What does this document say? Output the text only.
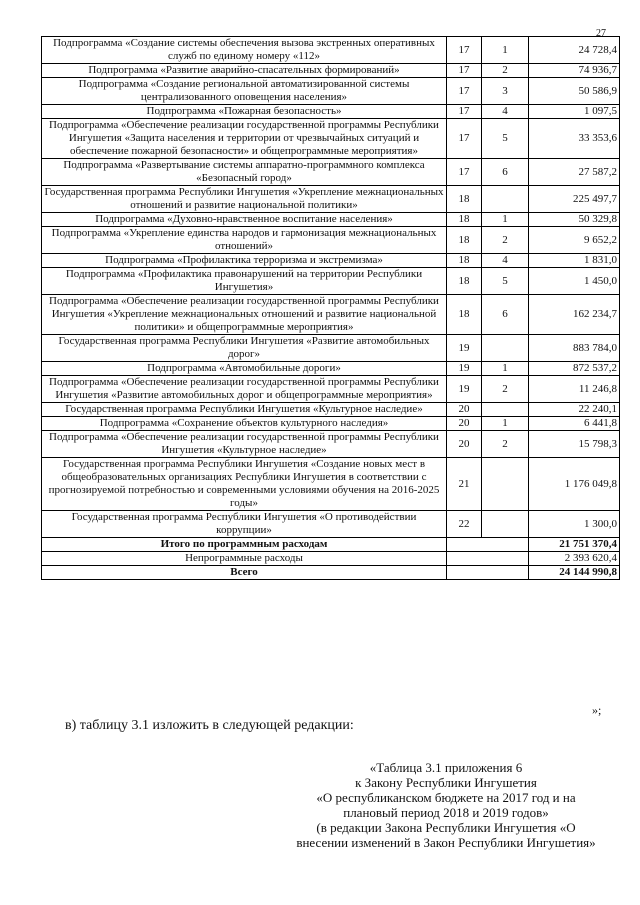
27
Подпрограмма «Создание системы обеспечения вызова экстренных оперативных служб по единому номеру «112»	17	1	24 728,4
Подпрограмма «Развитие аварийно-спасательных формирований»	17	2	74 936,7
Подпрограмма «Создание региональной автоматизированной системы централизованного оповещения населения»	17	3	50 586,9
Подпрограмма «Пожарная безопасность»	17	4	1 097,5
Подпрограмма «Обеспечение реализации государственной программы Республики Ингушетия «Защита населения и территории от чрезвычайных ситуаций и обеспечение пожарной безопасности» и общепрограммные мероприятия»	17	5	33 353,6
Подпрограмма «Развертывание системы аппаратно-программного комплекса «Безопасный город»	17	6	27 587,2
Государственная программа Республики Ингушетия «Укрепление межнациональных отношений и развитие национальной политики»	18		225 497,7
Подпрограмма «Духовно-нравственное воспитание населения»	18	1	50 329,8
Подпрограмма «Укрепление единства народов и гармонизация межнациональных отношений»	18	2	9 652,2
Подпрограмма «Профилактика терроризма и экстремизма»	18	4	1 831,0
Подпрограмма «Профилактика правонарушений на территории Республики Ингушетия»	18	5	1 450,0
Подпрограмма «Обеспечение реализации государственной программы Республики Ингушетия «Укрепление межнациональных отношений и развитие национальной политики» и общепрограммные мероприятия»	18	6	162 234,7
Государственная программа Республики Ингушетия «Развитие автомобильных дорог»	19		883 784,0
Подпрограмма «Автомобильные дороги»	19	1	872 537,2
Подпрограмма «Обеспечение реализации государственной программы Республики Ингушетия «Развитие автомобильных дорог и общепрограммные мероприятия»	19	2	11 246,8
Государственная программа Республики Ингушетия «Культурное наследие»	20		22 240,1
Подпрограмма «Сохранение объектов культурного наследия»	20	1	6 441,8
Подпрограмма «Обеспечение реализации государственной программы Республики Ингушетия «Культурное наследие»	20	2	15 798,3
Государственная программа Республики Ингушетия «Создание новых мест в общеобразовательных организациях Республики Ингушетия в соответствии с прогнозируемой потребностью и современными условиями обучения на 2016-2025 годы»	21		1 176 049,8
Государственная программа Республики Ингушетия «О противодействии коррупции»	22		1 300,0
Итого по программным расходам			21 751 370,4
Непрограммные расходы			2 393 620,4
Всего			24 144 990,8
»;
в) таблицу 3.1 изложить в следующей редакции:
«Таблица 3.1 приложения 6
к Закону Республики Ингушетия
«О республиканском бюджете на 2017 год и на
плановый период 2018 и 2019 годов»
(в редакции Закона Республики Ингушетия «О
внесении изменений в Закон Республики Ингушетия»
